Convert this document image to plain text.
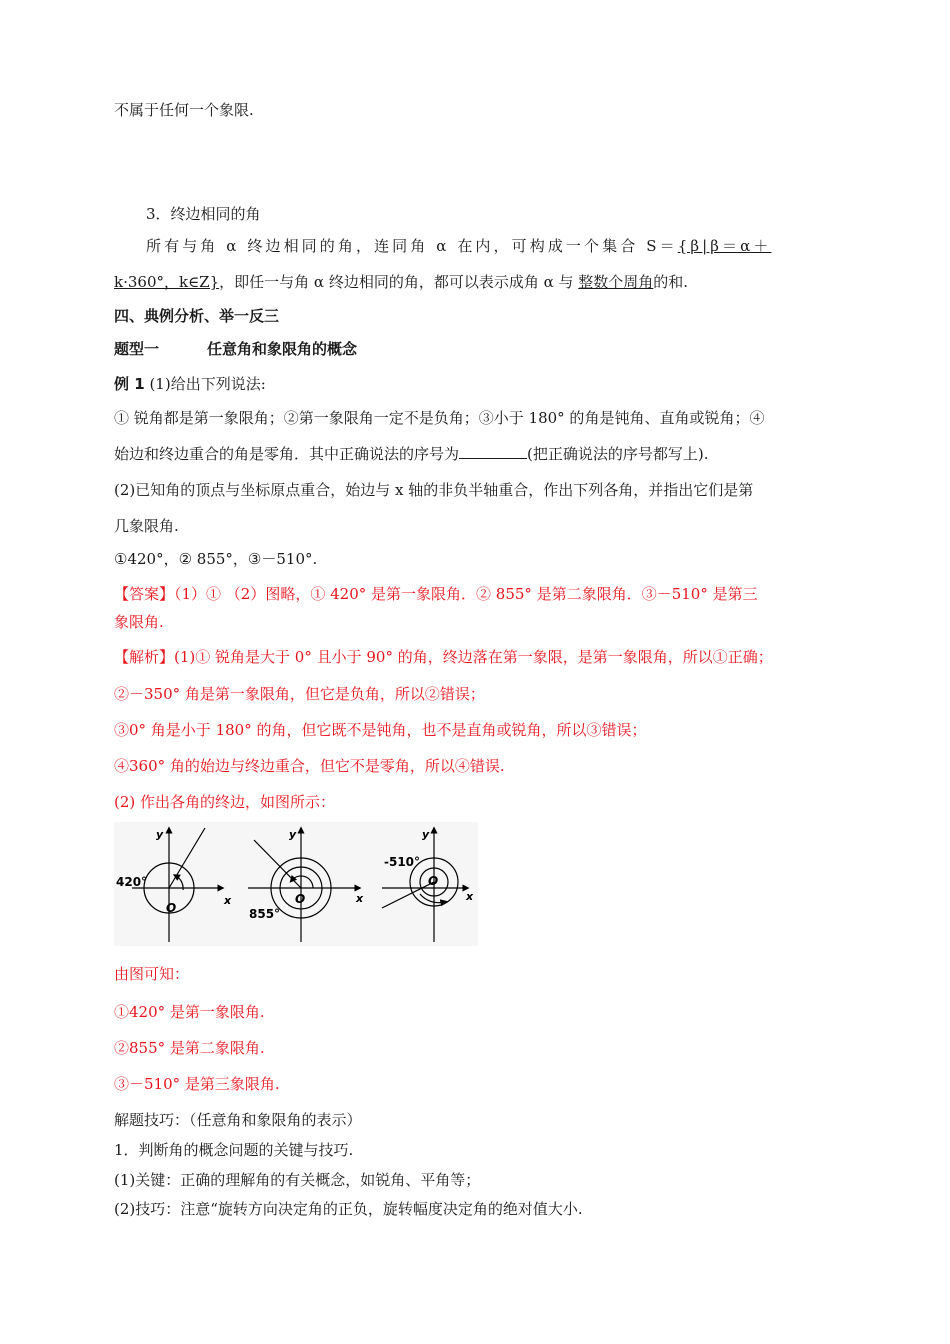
不属于任何一个象限.
3．终边相同的角
所有与角 α 终边相同的角，连同角 α 在内，可构成一个集合 S＝{β|β＝α＋
k·360°，k∈Z}，即任一与角 α 终边相同的角，都可以表示成角 α 与 整数个周角的和.
四、典例分析、举一反三
题型一	任意角和象限角的概念
例 1 (1)给出下列说法:
① 锐角都是第一象限角；②第一象限角一定不是负角；③小于 180° 的角是钝角、直角或锐角；④
始边和终边重合的角是零角．其中正确说法的序号为	(把正确说法的序号都写上).
(2)已知角的顶点与坐标原点重合，始边与 x 轴的非负半轴重合，作出下列各角，并指出它们是第
几象限角.
①420°，② 855°，③－510°.
【答案】（1）① （2）图略，① 420° 是第一象限角．② 855° 是第二象限角．③－510° 是第三
象限角.
【解析】(1)① 锐角是大于 0° 且小于 90° 的角，终边落在第一象限，是第一象限角，所以①正确；
②－350° 角是第一象限角，但它是负角，所以②错误；
③0° 角是小于 180° 的角，但它既不是钝角，也不是直角或锐角，所以③错误；
④360° 角的始边与终边重合，但它不是零角，所以④错误.
(2) 作出各角的终边，如图所示：
y
x
O
420°
y
x
O
855°
y
x
O
-510°
由图可知：
①420° 是第一象限角.
②855° 是第二象限角.
③－510° 是第三象限角.
解题技巧：（任意角和象限角的表示）
1．判断角的概念问题的关键与技巧.
(1)关键：正确的理解角的有关概念，如锐角、平角等；
(2)技巧：注意“旋转方向决定角的正负，旋转幅度决定角的绝对值大小.
